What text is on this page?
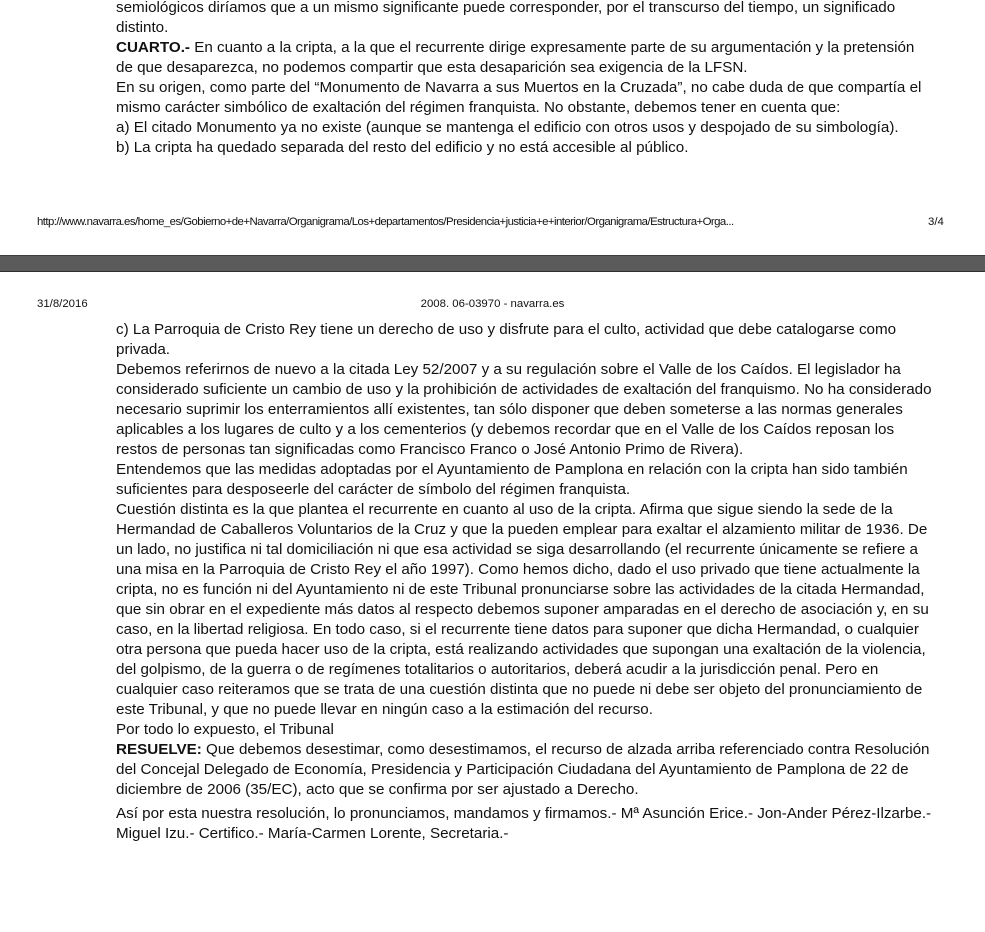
semiológicos diríamos que a un mismo significante puede corresponder, por el transcurso del tiempo, un significado distinto.

CUARTO.- En cuanto a la cripta, a la que el recurrente dirige expresamente parte de su argumentación y la pretensión de que desaparezca, no podemos compartir que esta desaparición sea exigencia de la LFSN.

En su origen, como parte del “Monumento de Navarra a sus Muertos en la Cruzada”, no cabe duda de que compartía el mismo carácter simbólico de exaltación del régimen franquista. No obstante, debemos tener en cuenta que:

a) El citado Monumento ya no existe (aunque se mantenga el edificio con otros usos y despojado de su simbología).

b) La cripta ha quedado separada del resto del edificio y no está accesible al público.

http://www.navarra.es/home_es/Gobierno+de+Navarra/Organigrama/Los+departamentos/Presidencia+justicia+e+interior/Organigrama/Estructura+Orga...	3/4
2008. 06-03970 - navarra.es
31/8/2016

c) La Parroquia de Cristo Rey tiene un derecho de uso y disfrute para el culto, actividad que debe catalogarse como privada.

Debemos referirnos de nuevo a la citada Ley 52/2007 y a su regulación sobre el Valle de los Caídos. El legislador ha considerado suficiente un cambio de uso y la prohibición de actividades de exaltación del franquismo. No ha considerado necesario suprimir los enterramientos allí existentes, tan sólo disponer que deben someterse a las normas generales aplicables a los lugares de culto y a los cementerios (y debemos recordar que en el Valle de los Caídos reposan los restos de personas tan significadas como Francisco Franco o José Antonio Primo de Rivera).

Entendemos que las medidas adoptadas por el Ayuntamiento de Pamplona en relación con la cripta han sido también suficientes para desposeerle del carácter de símbolo del régimen franquista.

Cuestión distinta es la que plantea el recurrente en cuanto al uso de la cripta. Afirma que sigue siendo la sede de la Hermandad de Caballeros Voluntarios de la Cruz y que la pueden emplear para exaltar el alzamiento militar de 1936. De un lado, no justifica ni tal domiciliación ni que esa actividad se siga desarrollando (el recurrente únicamente se refiere a una misa en la Parroquia de Cristo Rey el año 1997). Como hemos dicho, dado el uso privado que tiene actualmente la cripta, no es función ni del Ayuntamiento ni de este Tribunal pronunciarse sobre las actividades de la citada Hermandad, que sin obrar en el expediente más datos al respecto debemos suponer amparadas en el derecho de asociación y, en su caso, en la libertad religiosa. En todo caso, si el recurrente tiene datos para suponer que dicha Hermandad, o cualquier otra persona que pueda hacer uso de la cripta, está realizando actividades que supongan una exaltación de la violencia, del golpismo, de la guerra o de regímenes totalitarios o autoritarios, deberá acudir a la jurisdicción penal. Pero en cualquier caso reiteramos que se trata de una cuestión distinta que no puede ni debe ser objeto del pronunciamiento de este Tribunal, y que no puede llevar en ningún caso a la estimación del recurso.

Por todo lo expuesto, el Tribunal

RESUELVE: Que debemos desestimar, como desestimamos, el recurso de alzada arriba referenciado contra Resolución del Concejal Delegado de Economía, Presidencia y Participación Ciudadana del Ayuntamiento de Pamplona de 22 de diciembre de 2006 (35/EC), acto que se confirma por ser ajustado a Derecho.

Así por esta nuestra resolución, lo pronunciamos, mandamos y firmamos.- Mª Asunción Erice.- Jon-Ander Pérez-Ilzarbe.- Miguel Izu.- Certifico.- María-Carmen Lorente, Secretaria.-
